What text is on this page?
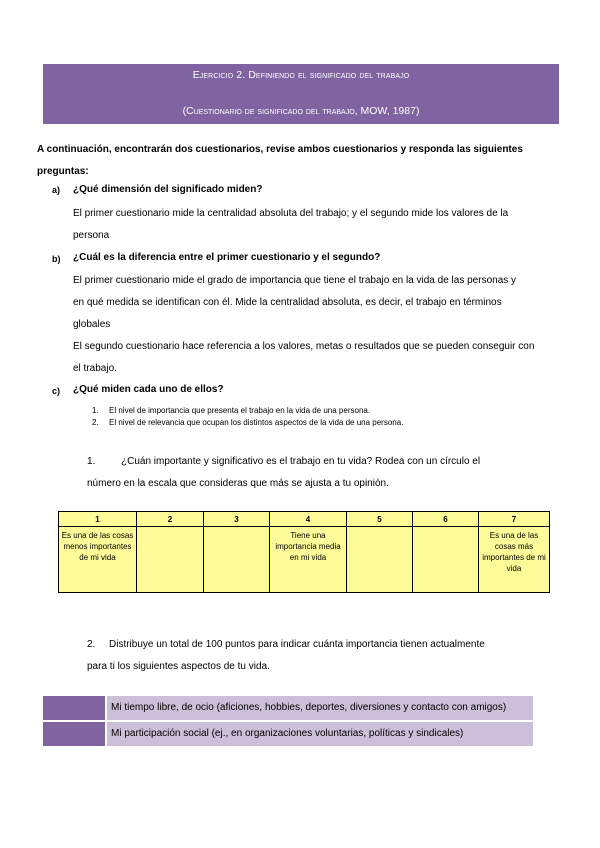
Ejercicio 2. Definiendo el significado del trabajo
(Cuestionario de significado del trabajo, MOW, 1987)
A continuación, encontrarán dos cuestionarios, revise ambos cuestionarios y responda las siguientes preguntas:
a) ¿Qué dimensión del significado miden?
El primer cuestionario mide la centralidad absoluta del trabajo; y el segundo mide los valores de la
persona
b) ¿Cuál es la diferencia entre el primer cuestionario y el segundo?
El primer cuestionario mide el grado de importancia que tiene el trabajo en la vida de las personas y
en qué medida se identifican con él. Mide la centralidad absoluta, es decir, el trabajo en términos
globales
El segundo cuestionario hace referencia a los valores, metas o resultados que se pueden conseguir con
el trabajo.
c) ¿Qué miden cada uno de ellos?
1. El nivel de importancia que presenta el trabajo en la vida de una persona.
2. El nivel de relevancia que ocupan los distintos aspectos de la vida de una persona.
1.	¿Cuán importante y significativo es el trabajo en tu vida? Rodea con un círculo el
número en la escala que consideras que más se ajusta a tu opinión.
1	2	3	4	5	6	7
Es una de las cosas menos importantes de mi vida			Tiene una importancia media en mi vida			Es una de las cosas más importantes de mi vida
2. Distribuye un total de 100 puntos para indicar cuánta importancia tienen actualmente
para ti los siguientes aspectos de tu vida.
Mi tiempo libre, de ocio (aficiones, hobbies, deportes, diversiones y contacto con amigos)
Mi participación social (ej., en organizaciones voluntarias, políticas y sindicales)
